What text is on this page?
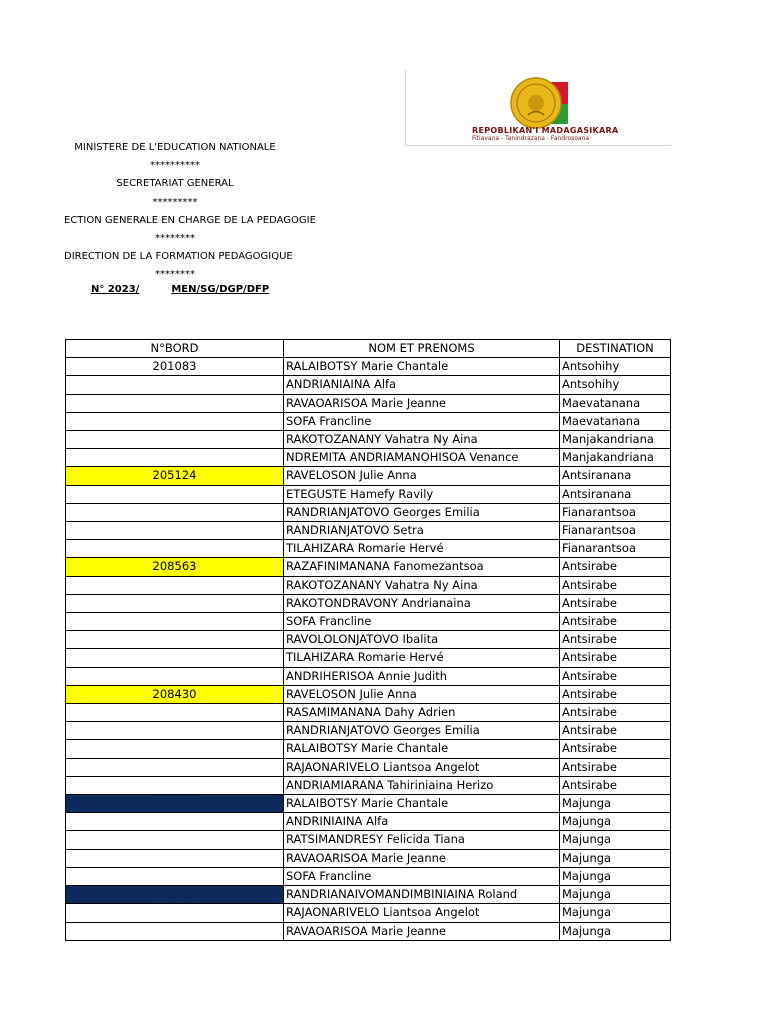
MINISTERE DE L'EDUCATION NATIONALE
**********
SECRETARIAT GENERAL
*********
ECTION GENERALE EN CHARGE DE LA PEDAGOGIE
********
DIRECTION DE LA FORMATION PEDAGOGIQUE
********
N° 2023/	MEN/SG/DGP/DFP
REPOBLIKAN'I MADAGASIKARA
Fitiavana - Tanindrazana - Fandrosoana
N°BORD	NOM ET PRENOMS	DESTINATION
201083	RALAIBOTSY Marie Chantale	Antsohihy
	ANDRIANIAINA Alfa	Antsohihy
	RAVAOARISOA Marie Jeanne	Maevatanana
	SOFA Francline	Maevatanana
	RAKOTOZANANY Vahatra Ny Aina	Manjakandriana
	NDREMITA ANDRIAMANOHISOA Venance	Manjakandriana
205124	RAVELOSON Julie Anna	Antsiranana
	ETEGUSTE Hamefy Ravily	Antsiranana
	RANDRIANJATOVO Georges Emilia	Fianarantsoa
	RANDRIANJATOVO Setra	Fianarantsoa
	TILAHIZARA Romarie Hervé	Fianarantsoa
208563	RAZAFINIMANANA Fanomezantsoa	Antsirabe
	RAKOTOZANANY Vahatra Ny Aina	Antsirabe
	RAKOTONDRAVONY Andrianaina	Antsirabe
	SOFA Francline	Antsirabe
	RAVOLOLONJATOVO Ibalita	Antsirabe
	TILAHIZARA Romarie Hervé	Antsirabe
	ANDRIHERISOA Annie Judith	Antsirabe
208430	RAVELOSON Julie Anna	Antsirabe
	RASAMIMANANA Dahy Adrien	Antsirabe
	RANDRIANJATOVO Georges Emilia	Antsirabe
	RALAIBOTSY Marie Chantale	Antsirabe
	RAJAONARIVELO Liantsoa Angelot	Antsirabe
	ANDRIAMIARANA Tahiriniaina Herizo	Antsirabe
212020	RALAIBOTSY Marie Chantale	Majunga
	ANDRINIAINA Alfa	Majunga
	RATSIMANDRESY Felicida Tiana	Majunga
	RAVAOARISOA Marie Jeanne	Majunga
	SOFA Francline	Majunga
205295	RANDRIANAIVOMANDIMBINIAINA Roland	Majunga
	RAJAONARIVELO Liantsoa Angelot	Majunga
	RAVAOARISOA Marie Jeanne	Majunga
